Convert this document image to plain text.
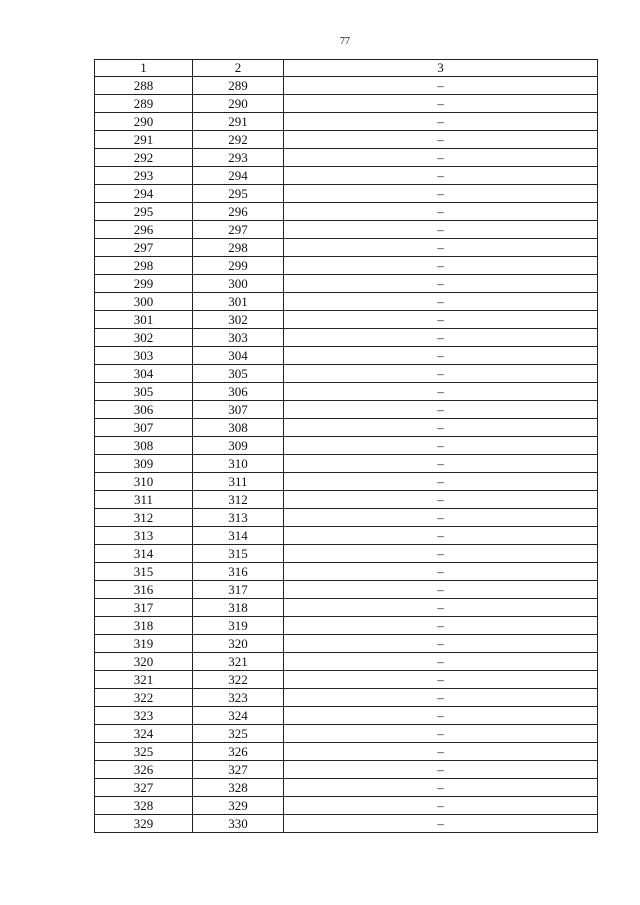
77
1	2	3
288	289	–
289	290	–
290	291	–
291	292	–
292	293	–
293	294	–
294	295	–
295	296	–
296	297	–
297	298	–
298	299	–
299	300	–
300	301	–
301	302	–
302	303	–
303	304	–
304	305	–
305	306	–
306	307	–
307	308	–
308	309	–
309	310	–
310	311	–
311	312	–
312	313	–
313	314	–
314	315	–
315	316	–
316	317	–
317	318	–
318	319	–
319	320	–
320	321	–
321	322	–
322	323	–
323	324	–
324	325	–
325	326	–
326	327	–
327	328	–
328	329	–
329	330	–
